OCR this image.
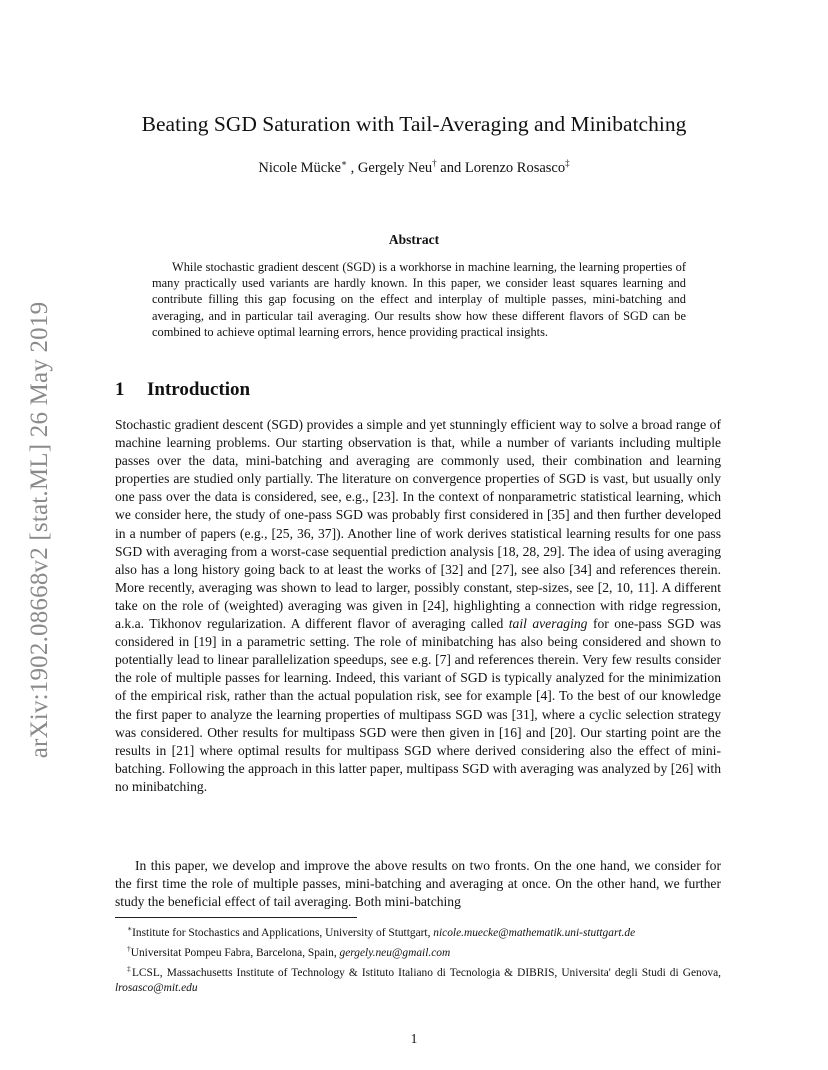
arXiv:1902.08668v2 [stat.ML] 26 May 2019
Beating SGD Saturation with Tail-Averaging and Minibatching
Nicole Mücke∗ , Gergely Neu† and Lorenzo Rosasco‡
Abstract

While stochastic gradient descent (SGD) is a workhorse in machine learning, the learning properties of many practically used variants are hardly known. In this paper, we consider least squares learning and contribute filling this gap focusing on the effect and interplay of multiple passes, mini-batching and averaging, and in particular tail averaging. Our results show how these different flavors of SGD can be combined to achieve optimal learning errors, hence providing practical insights.

1 Introduction

Stochastic gradient descent (SGD) provides a simple and yet stunningly efficient way to solve a broad range of machine learning problems. Our starting observation is that, while a number of variants including multiple passes over the data, mini-batching and averaging are commonly used, their combination and learning properties are studied only partially. The literature on convergence properties of SGD is vast, but usually only one pass over the data is considered, see, e.g., [23]. In the context of nonparametric statistical learning, which we consider here, the study of one-pass SGD was probably first considered in [35] and then further developed in a number of papers (e.g., [25, 36, 37]). Another line of work derives statistical learning results for one pass SGD with averaging from a worst-case sequential prediction analysis [18, 28, 29]. The idea of using averaging also has a long history going back to at least the works of [32] and [27], see also [34] and references therein. More recently, averaging was shown to lead to larger, possibly constant, step-sizes, see [2, 10, 11]. A different take on the role of (weighted) averaging was given in [24], highlighting a connection with ridge regression, a.k.a. Tikhonov regularization. A different flavor of averaging called tail averaging for one-pass SGD was considered in [19] in a parametric setting. The role of minibatching has also being considered and shown to potentially lead to linear parallelization speedups, see e.g. [7] and references therein. Very few results consider the role of multiple passes for learning. Indeed, this variant of SGD is typically analyzed for the minimization of the empirical risk, rather than the actual population risk, see for example [4]. To the best of our knowledge the first paper to analyze the learning properties of multipass SGD was [31], where a cyclic selection strategy was considered. Other results for multipass SGD were then given in [16] and [20]. Our starting point are the results in [21] where optimal results for multipass SGD where derived considering also the effect of mini-batching. Following the approach in this latter paper, multipass SGD with averaging was analyzed by [26] with no minibatching.

In this paper, we develop and improve the above results on two fronts. On the one hand, we consider for the first time the role of multiple passes, mini-batching and averaging at once. On the other hand, we further study the beneficial effect of tail averaging. Both mini-batching

∗Institute for Stochastics and Applications, University of Stuttgart, nicole.muecke@mathematik.uni-stuttgart.de

†Universitat Pompeu Fabra, Barcelona, Spain, gergely.neu@gmail.com

‡LCSL, Massachusetts Institute of Technology & Istituto Italiano di Tecnologia & DIBRIS, Universita' degli Studi di Genova, lrosasco@mit.edu

1
